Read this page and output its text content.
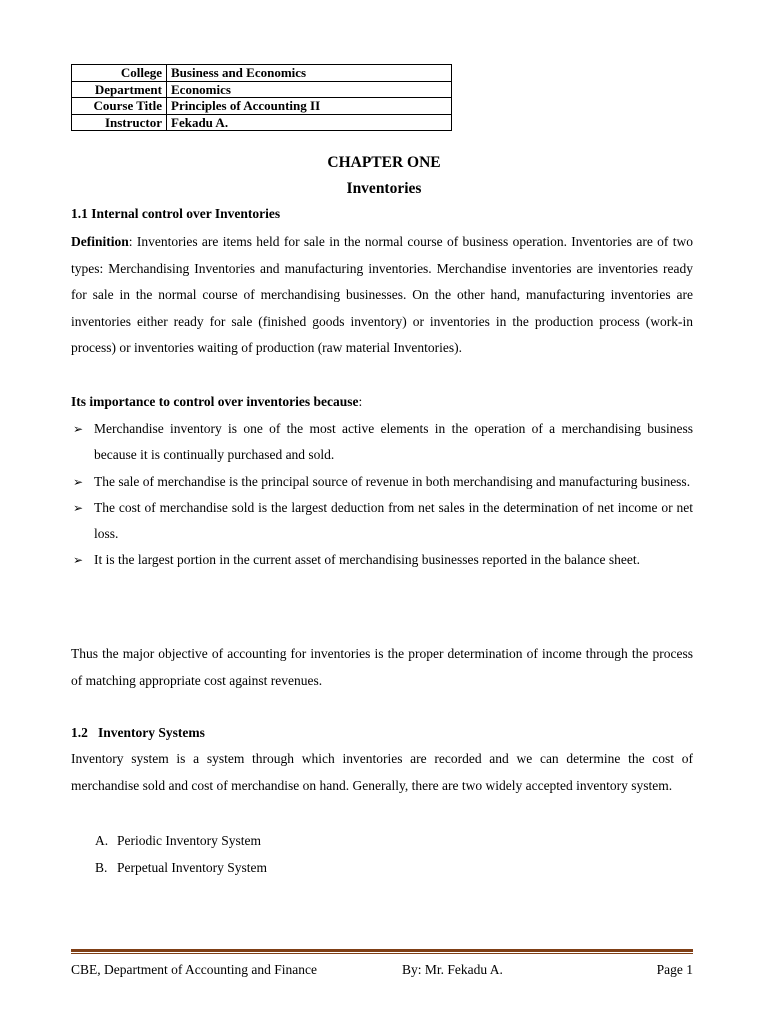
College	Business and Economics
Department	Economics
Course Title	Principles of Accounting II
Instructor	Fekadu A.
CHAPTER ONE
Inventories
1.1 Internal control over Inventories

Definition: Inventories are items held for sale in the normal course of business operation. Inventories are of two types: Merchandising Inventories and manufacturing inventories. Merchandise inventories are inventories ready for sale in the normal course of merchandising businesses. On the other hand, manufacturing inventories are inventories either ready for sale (finished goods inventory) or inventories in the production process (work-in process) or inventories waiting of production (raw material Inventories).

Its importance to control over inventories because:

➢ Merchandise inventory is one of the most active elements in the operation of a merchandising business because it is continually purchased and sold.
➢ The sale of merchandise is the principal source of revenue in both merchandising and manufacturing business.
➢ The cost of merchandise sold is the largest deduction from net sales in the determination of net income or net loss.
➢ It is the largest portion in the current asset of merchandising businesses reported in the balance sheet.

Thus the major objective of accounting for inventories is the proper determination of income through the process of matching appropriate cost against revenues.

1.2   Inventory Systems

Inventory system is a system through which inventories are recorded and we can determine the cost of merchandise sold and cost of merchandise on hand. Generally, there are two widely accepted inventory system.

A. Periodic Inventory System
B. Perpetual Inventory System
CBE, Department of Accounting and Finance	By: Mr. Fekadu A.	Page 1
